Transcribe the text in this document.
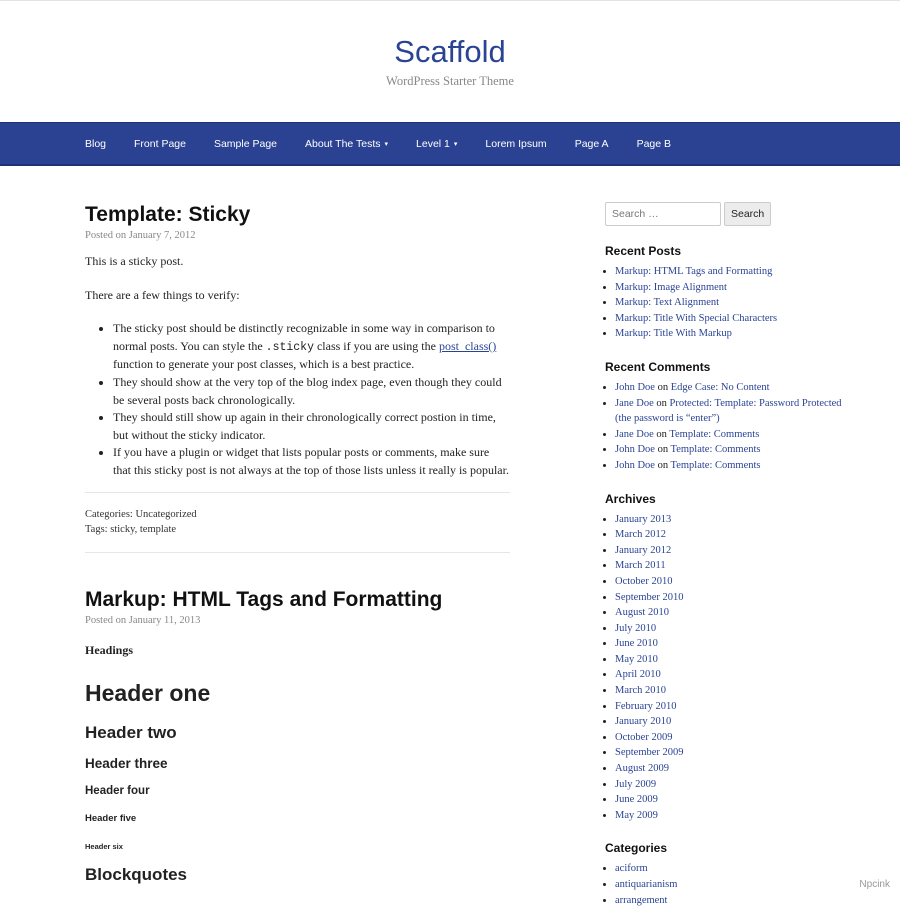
Scaffold
WordPress Starter Theme
Blog	Front Page	Sample Page	About The Tests ▾	Level 1 ▾	Lorem Ipsum	Page A	Page B
Template: Sticky
Posted on January 7, 2012

This is a sticky post.

There are a few things to verify:

• The sticky post should be distinctly recognizable in some way in comparison to normal posts. You can style the .sticky class if you are using the post_class() function to generate your post classes, which is a best practice.
• They should show at the very top of the blog index page, even though they could be several posts back chronologically.
• They should still show up again in their chronologically correct postion in time, but without the sticky indicator.
• If you have a plugin or widget that lists popular posts or comments, make sure that this sticky post is not always at the top of those lists unless it really is popular.
Categories: Uncategorized
Tags: sticky, template
Markup: HTML Tags and Formatting
Posted on January 11, 2013
Headings
Header one
Header two
Header three
Header four
Header five
Header six
Blockquotes
Search …
Search
Recent Posts
• Markup: HTML Tags and Formatting
• Markup: Image Alignment
• Markup: Text Alignment
• Markup: Title With Special Characters
• Markup: Title With Markup
Recent Comments
• John Doe on Edge Case: No Content
• Jane Doe on Protected: Template: Password Protected (the password is “enter”)
• Jane Doe on Template: Comments
• John Doe on Template: Comments
• John Doe on Template: Comments
Archives
• January 2013
• March 2012
• January 2012
• March 2011
• October 2010
• September 2010
• August 2010
• July 2010
• June 2010
• May 2010
• April 2010
• March 2010
• February 2010
• January 2010
• October 2009
• September 2009
• August 2009
• July 2009
• June 2009
• May 2009
Categories
• aciform
• antiquarianism
• arrangement
Npcink
